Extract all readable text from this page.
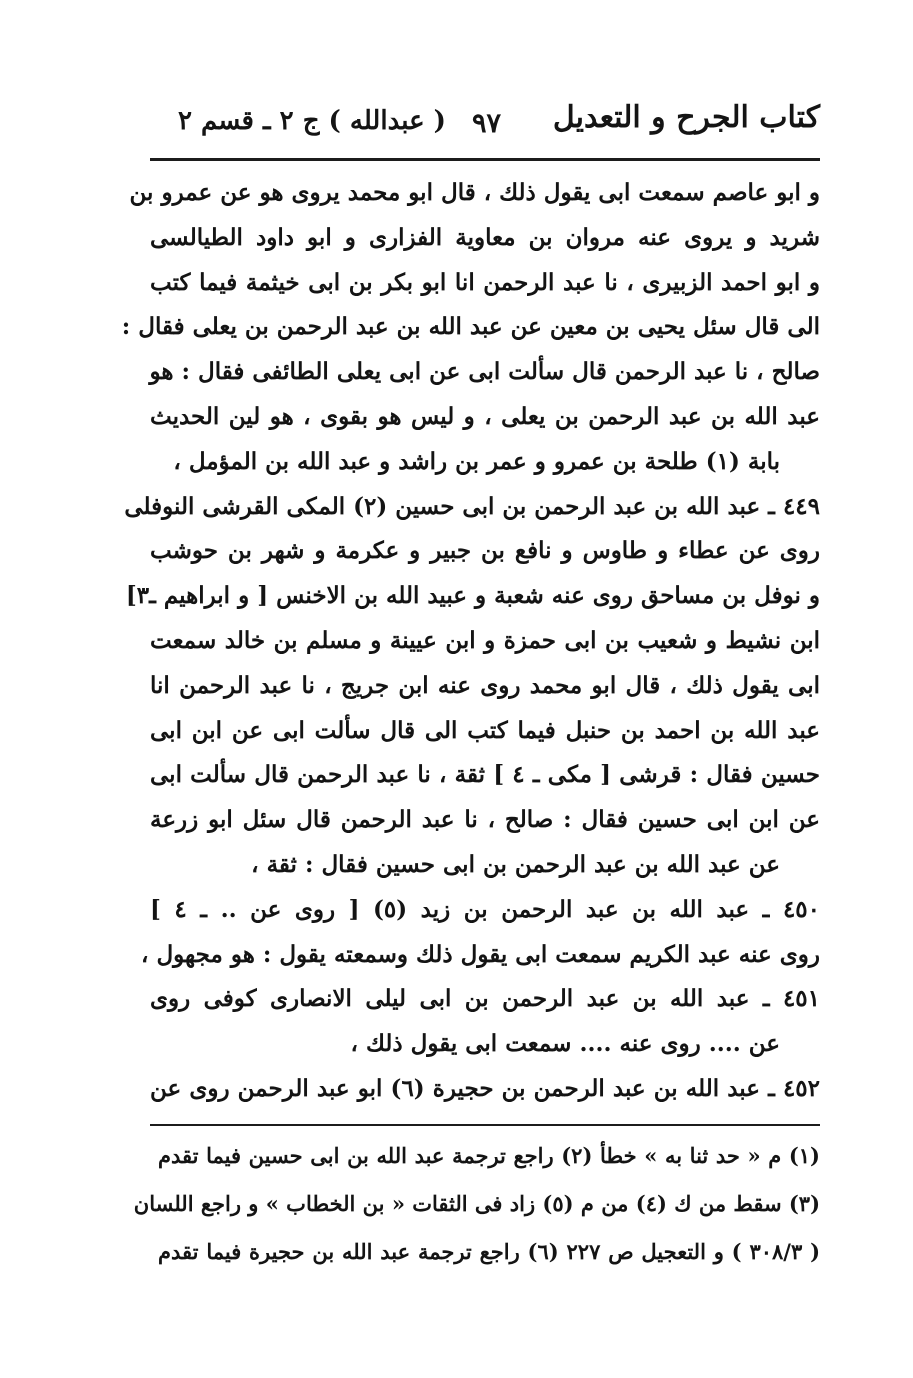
كتاب الجرح و التعديل
٩٧
( عبدالله ) ج ٢ ـ قسم ٢
و ابو عاصم سمعت ابى يقول ذلك ، قال ابو محمد يروى هو عن عمرو بن
شريد و يروى عنه مروان بن معاوية الفزارى و ابو داود الطيالسى
و ابو احمد الزبيرى ، نا عبد الرحمن انا ابو بكر بن ابى خيثمة فيما كتب
الى قال سئل يحيى بن معين عن عبد الله بن عبد الرحمن بن يعلى فقال :
صالح ، نا عبد الرحمن قال سألت ابى عن ابى يعلى الطائفى فقال : هو
عبد الله بن عبد الرحمن بن يعلى ، و ليس هو بقوى ، هو لين الحديث
بابة (١) طلحة بن عمرو و عمر بن راشد و عبد الله بن المؤمل ،
٤٤٩ ـ عبد الله بن عبد الرحمن بن ابى حسين (٢) المكى القرشى النوفلى
روى عن عطاء و طاوس و نافع بن جبير و عكرمة و شهر بن حوشب
و نوفل بن مساحق روى عنه شعبة و عبيد الله بن الاخنس [ و ابراهيم ـ٣]
ابن نشيط و شعيب بن ابى حمزة و ابن عيينة و مسلم بن خالد سمعت
ابى يقول ذلك ، قال ابو محمد روى عنه ابن جريج ، نا عبد الرحمن انا
عبد الله بن احمد بن حنبل فيما كتب الى قال سألت ابى عن ابن ابى
حسين فقال : قرشى [ مكى ـ ٤ ] ثقة ، نا عبد الرحمن قال سألت ابى
عن ابن ابى حسين فقال : صالح ، نا عبد الرحمن قال سئل ابو زرعة
عن عبد الله بن عبد الرحمن بن ابى حسين فقال : ثقة ،
٤٥٠ ـ عبد الله بن عبد الرحمن بن زيد (٥) [ روى عن .. ـ ٤ ]
روى عنه عبد الكريم سمعت ابى يقول ذلك وسمعته يقول : هو مجهول ،
٤٥١ ـ عبد الله بن عبد الرحمن بن ابى ليلى الانصارى كوفى روى
عن .... روى عنه .... سمعت ابى يقول ذلك ،
٤٥٢ ـ عبد الله بن عبد الرحمن بن حجيرة (٦) ابو عبد الرحمن روى عن
(١) م « حد ثنا به » خطأ (٢) راجع ترجمة عبد الله بن ابى حسين فيما تقدم
(٣) سقط من ك (٤) من م (٥) زاد فى الثقات « بن الخطاب » و راجع اللسان
( ٣٠٨/٣ ) و التعجيل ص ٢٢٧ (٦) راجع ترجمة عبد الله بن حجيرة فيما تقدم
